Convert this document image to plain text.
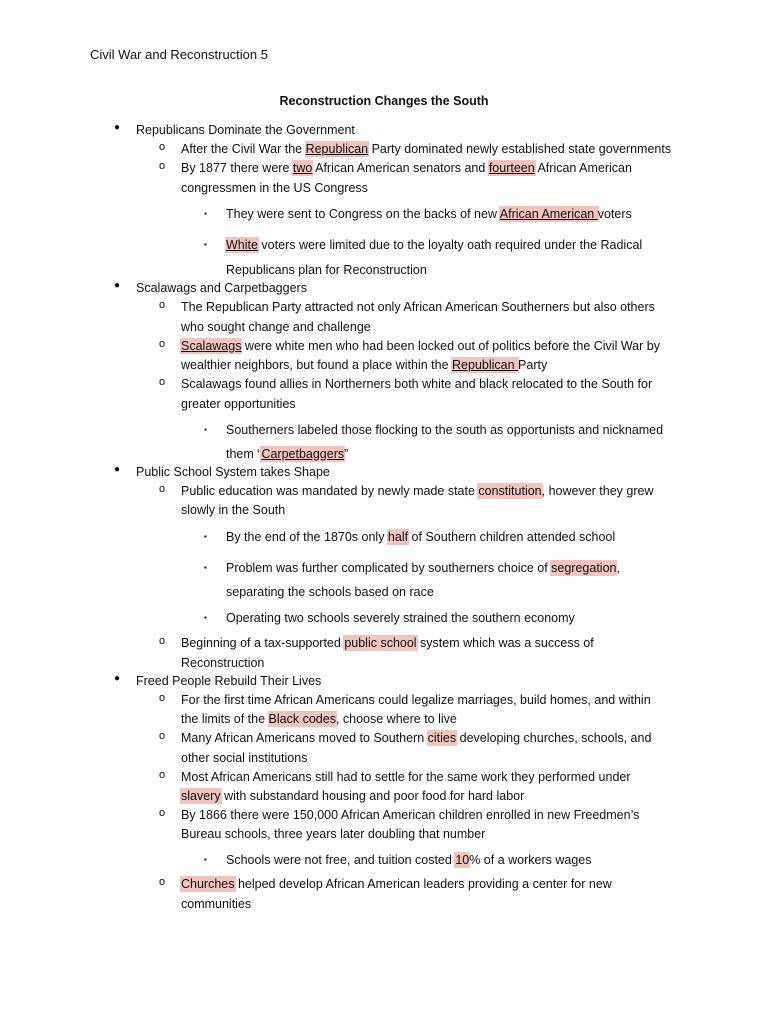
Civil War and Reconstruction 5
Reconstruction Changes the South
● Republicans Dominate the Government
o After the Civil War the Republican Party dominated newly established state governments
o By 1877 there were two African American senators and fourteen African American
congressmen in the US Congress
▪ They were sent to Congress on the backs of new African American voters
▪ White voters were limited due to the loyalty oath required under the Radical
Republicans plan for Reconstruction
● Scalawags and Carpetbaggers
o The Republican Party attracted not only African American Southerners but also others
who sought change and challenge
o Scalawags were white men who had been locked out of politics before the Civil War by
wealthier neighbors, but found a place within the Republican Party
o Scalawags found allies in Northerners both white and black relocated to the South for
greater opportunities
▪ Southerners labeled those flocking to the south as opportunists and nicknamed
them “Carpetbaggers”
● Public School System takes Shape
o Public education was mandated by newly made state constitution, however they grew
slowly in the South
▪ By the end of the 1870s only half of Southern children attended school
▪ Problem was further complicated by southerners choice of segregation,
separating the schools based on race
▪ Operating two schools severely strained the southern economy
o Beginning of a tax-supported public school system which was a success of
Reconstruction
● Freed People Rebuild Their Lives
o For the first time African Americans could legalize marriages, build homes, and within
the limits of the Black codes, choose where to live
o Many African Americans moved to Southern cities developing churches, schools, and
other social institutions
o Most African Americans still had to settle for the same work they performed under
slavery with substandard housing and poor food for hard labor
o By 1866 there were 150,000 African American children enrolled in new Freedmen’s
Bureau schools, three years later doubling that number
▪ Schools were not free, and tuition costed 10% of a workers wages
o Churches helped develop African American leaders providing a center for new
communities
